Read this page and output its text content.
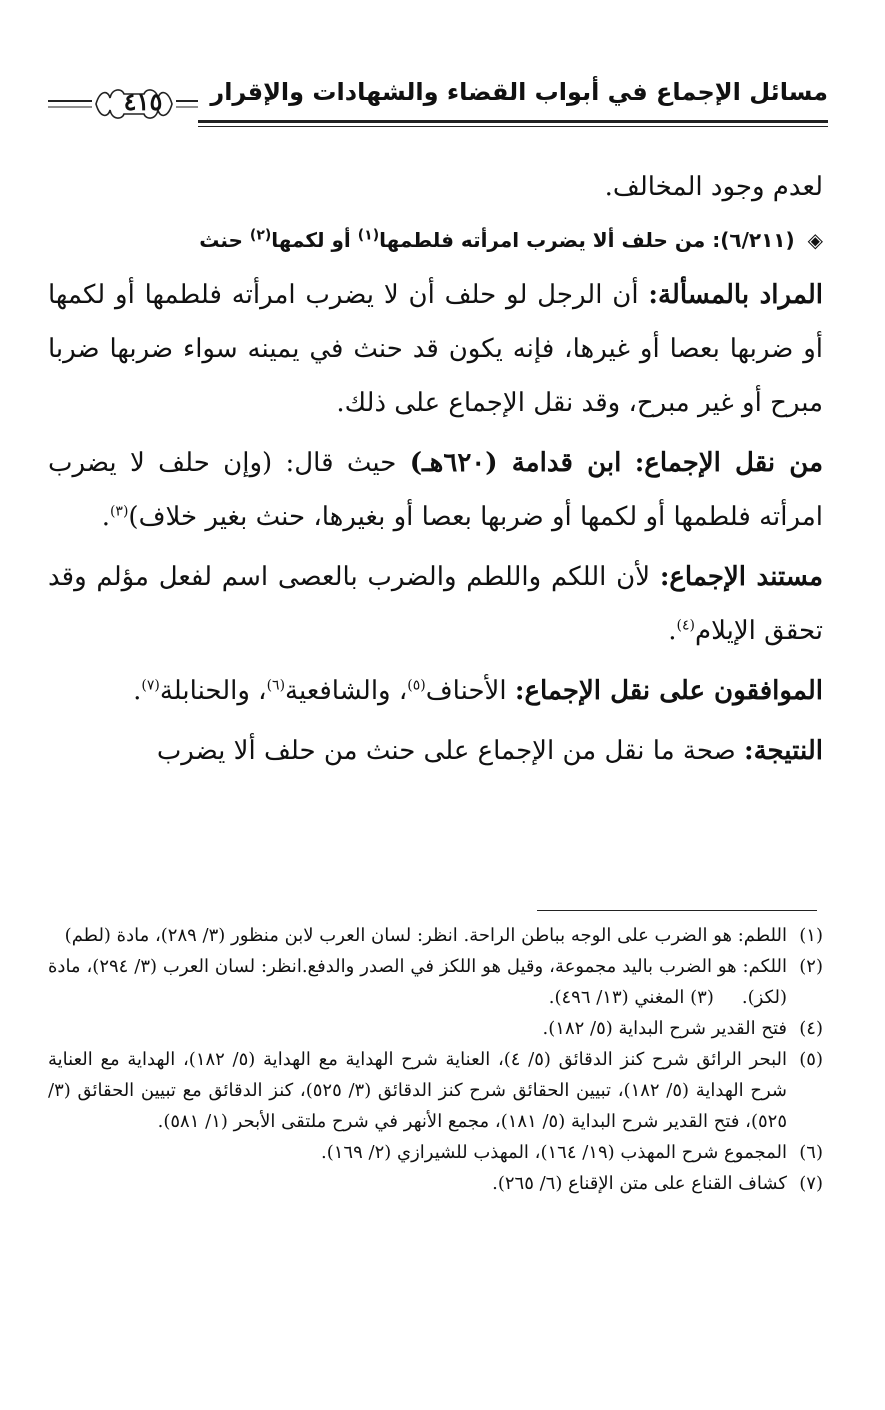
مسائل الإجماع في أبواب القضاء والشهادات والإقرار
٤١٥

لعدم وجود المخالف.

◈ (٦/٢١١): من حلف ألا يضرب امرأته فلطمها$^{(١)}$ أو لكمها$^{(٢)}$ حنث

المراد بالمسألة: أن الرجل لو حلف أن لا يضرب امرأته فلطمها أو لكمها أو ضربها بعصا أو غيرها، فإنه يكون قد حنث في يمينه سواء ضربها ضربا مبرح أو غير مبرح، وقد نقل الإجماع على ذلك.

من نقل الإجماع: ابن قدامة (٦٢٠هـ) حيث قال: (وإن حلف لا يضرب امرأته فلطمها أو لكمها أو ضربها بعصا أو بغيرها، حنث بغير خلاف)$^{(٣)}$.

مستند الإجماع: لأن اللكم واللطم والضرب بالعصى اسم لفعل مؤلم وقد تحقق الإيلام$^{(٤)}$.

الموافقون على نقل الإجماع: الأحناف$^{(٥)}$، والشافعية$^{(٦)}$، والحنابلة$^{(٧)}$.

النتيجة: صحة ما نقل من الإجماع على حنث من حلف ألا يضرب

(١)
اللطم: هو الضرب على الوجه بباطن الراحة. انظر: لسان العرب لابن منظور (٣/ ٢٨٩)، مادة (لطم)
(٢)
اللكم: هو الضرب باليد مجموعة، وقيل هو اللكز في الصدر والدفع.انظر: لسان العرب (٣/ ٢٩٤)، مادة (لكز).(٣) المغني (١٣/ ٤٩٦).
(٤)
فتح القدير شرح البداية (٥/ ١٨٢).
(٥)
البحر الرائق شرح كنز الدقائق (٥/ ٤)، العناية شرح الهداية مع الهداية (٥/ ١٨٢)، الهداية مع العناية شرح الهداية (٥/ ١٨٢)، تبيين الحقائق شرح كنز الدقائق (٣/ ٥٢٥)، كنز الدقائق مع تبيين الحقائق (٣/ ٥٢٥)، فتح القدير شرح البداية (٥/ ١٨١)، مجمع الأنهر في شرح ملتقى الأبحر (١/ ٥٨١).
(٦)
المجموع شرح المهذب (١٩/ ١٦٤)، المهذب للشيرازي (٢/ ١٦٩).
(٧)
كشاف القناع على متن الإقناع (٦/ ٢٦٥).
